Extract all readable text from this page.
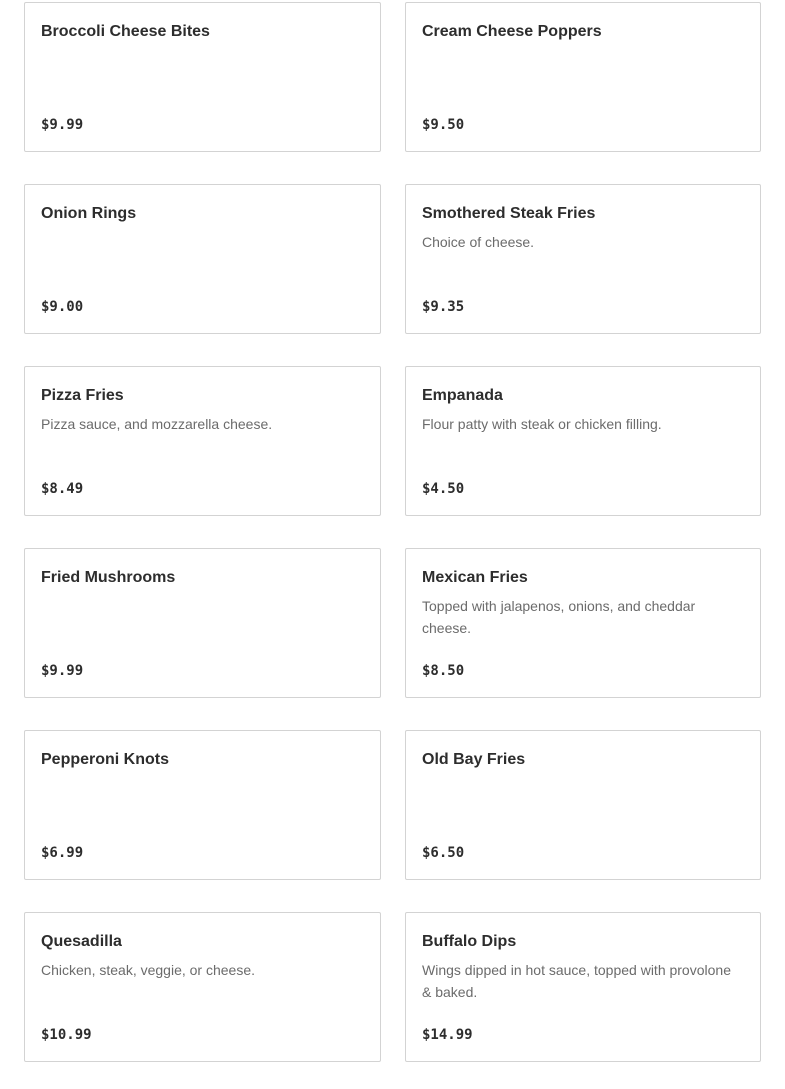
Broccoli Cheese Bites

$9.99

Cream Cheese Poppers

$9.50

Onion Rings

$9.00

Smothered Steak Fries

Choice of cheese.

$9.35

Pizza Fries

Pizza sauce, and mozzarella cheese.

$8.49

Empanada

Flour patty with steak or chicken filling.

$4.50

Fried Mushrooms

$9.99

Mexican Fries

Topped with jalapenos, onions, and cheddar cheese.

$8.50

Pepperoni Knots

$6.99

Old Bay Fries

$6.50

Quesadilla

Chicken, steak, veggie, or cheese.

$10.99

Buffalo Dips

Wings dipped in hot sauce, topped with provolone & baked.

$14.99
